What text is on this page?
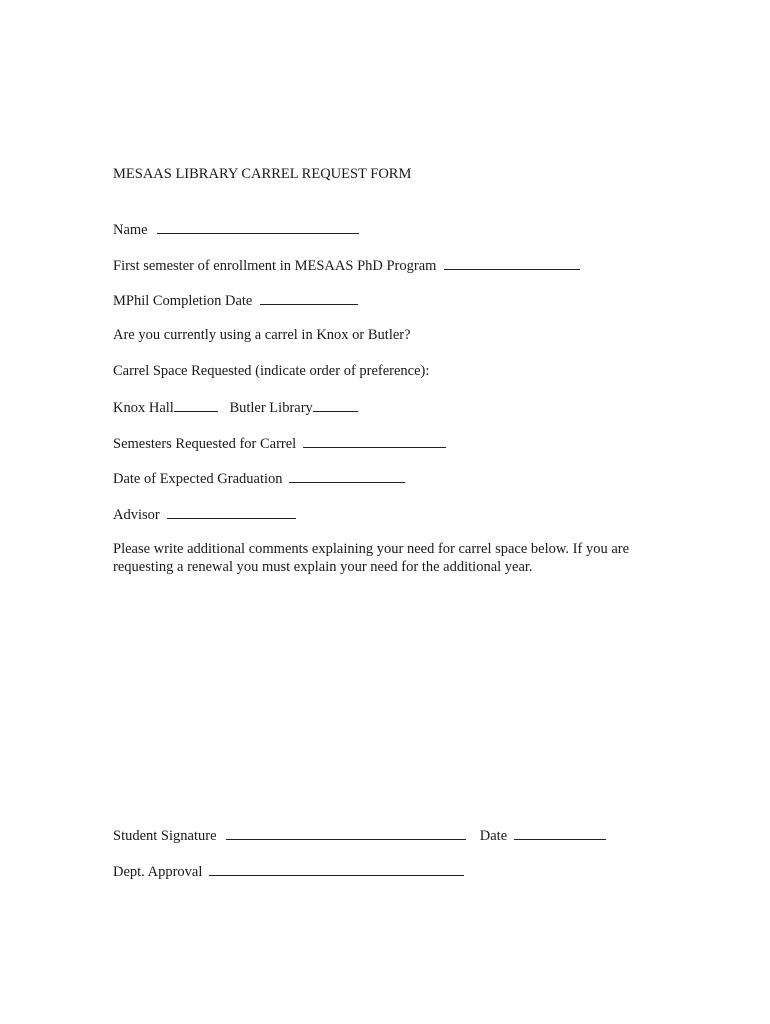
MESAAS LIBRARY CARREL REQUEST FORM
Name
First semester of enrollment in MESAAS PhD Program
MPhil Completion Date
Are you currently using a carrel in Knox or Butler?
Carrel Space Requested (indicate order of preference):
Knox Hall	Butler Library
Semesters Requested for Carrel
Date of Expected Graduation
Advisor
Please write additional comments explaining your need for carrel space below. If you are requesting a renewal you must explain your need for the additional year.
Student Signature	Date
Dept. Approval
